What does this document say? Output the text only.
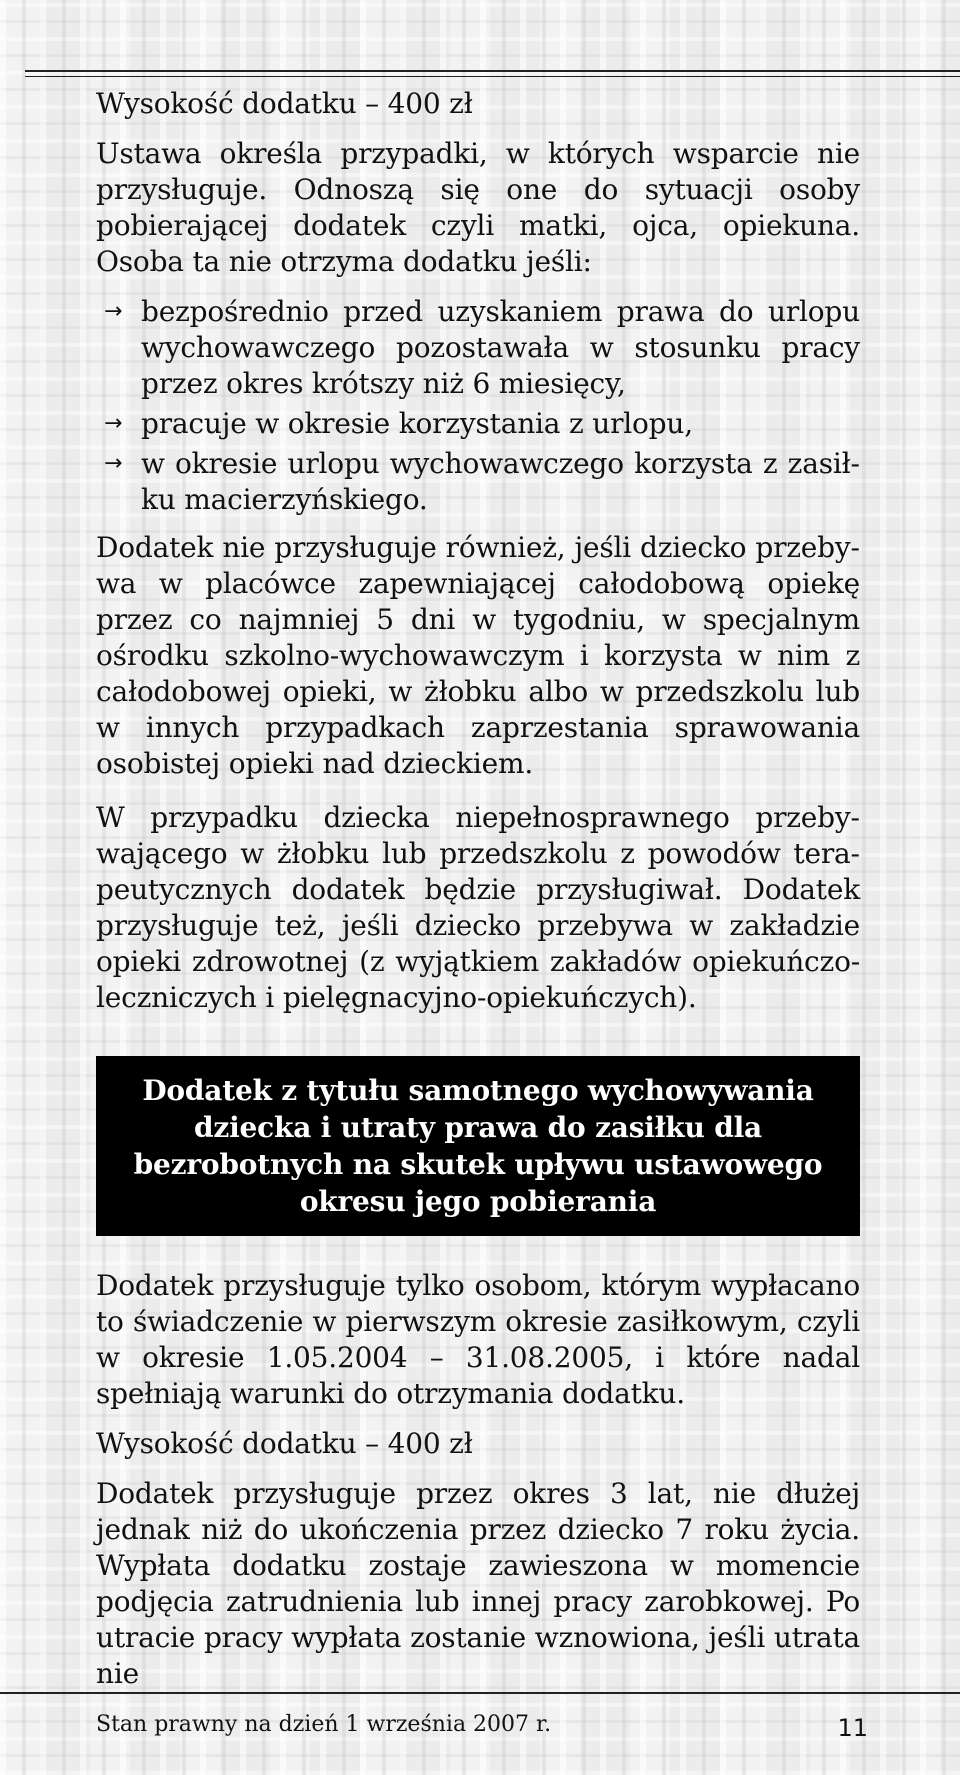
Wysokość dodatku – 400 zł

Ustawa określa przypadki, w których wsparcie nie przysługuje. Odnoszą się one do sytuacji osoby pobierającej dodatek czyli matki, ojca, opiekuna. Osoba ta nie otrzyma dodatku jeśli:

→ bezpośrednio przed uzyskaniem prawa do urlopu wychowawczego pozostawała w stosunku pracy przez okres krótszy niż 6 miesięcy,
→ pracuje w okresie korzystania z urlopu,
→ w okresie urlopu wychowawczego korzysta z zasiłku macierzyńskiego.

Dodatek nie przysługuje również, jeśli dziecko przebywa w placówce zapewniającej całodobową opiekę przez co najmniej 5 dni w tygodniu, w specjalnym ośrodku szkolno-wychowawczym i korzysta w nim z całodobowej opieki, w żłobku albo w przedszkolu lub w innych przypadkach zaprzestania sprawowania osobistej opieki nad dzieckiem.

W przypadku dziecka niepełnosprawnego przebywającego w żłobku lub przedszkolu z powodów terapeutycznych dodatek będzie przysługiwał. Dodatek przysługuje też, jeśli dziecko przebywa w zakładzie opieki zdrowotnej (z wyjątkiem zakładów opiekuńczo-leczniczych i pielęgnacyjno-opiekuńczych).

Dodatek z tytułu samotnego wychowywania dziecka i utraty prawa do zasiłku dla bezrobotnych na skutek upływu ustawowego okresu jego pobierania

Dodatek przysługuje tylko osobom, którym wypłacano to świadczenie w pierwszym okresie zasiłkowym, czyli w okresie 1.05.2004 – 31.08.2005, i które nadal spełniają warunki do otrzymania dodatku.

Wysokość dodatku – 400 zł

Dodatek przysługuje przez okres 3 lat, nie dłużej jednak niż do ukończenia przez dziecko 7 roku życia. Wypłata dodatku zostaje zawieszona w momencie podjęcia zatrudnienia lub innej pracy zarobkowej. Po utracie pracy wypłata zostanie wznowiona, jeśli utrata nie

Stan prawny na dzień 1 września 2007 r.	11
